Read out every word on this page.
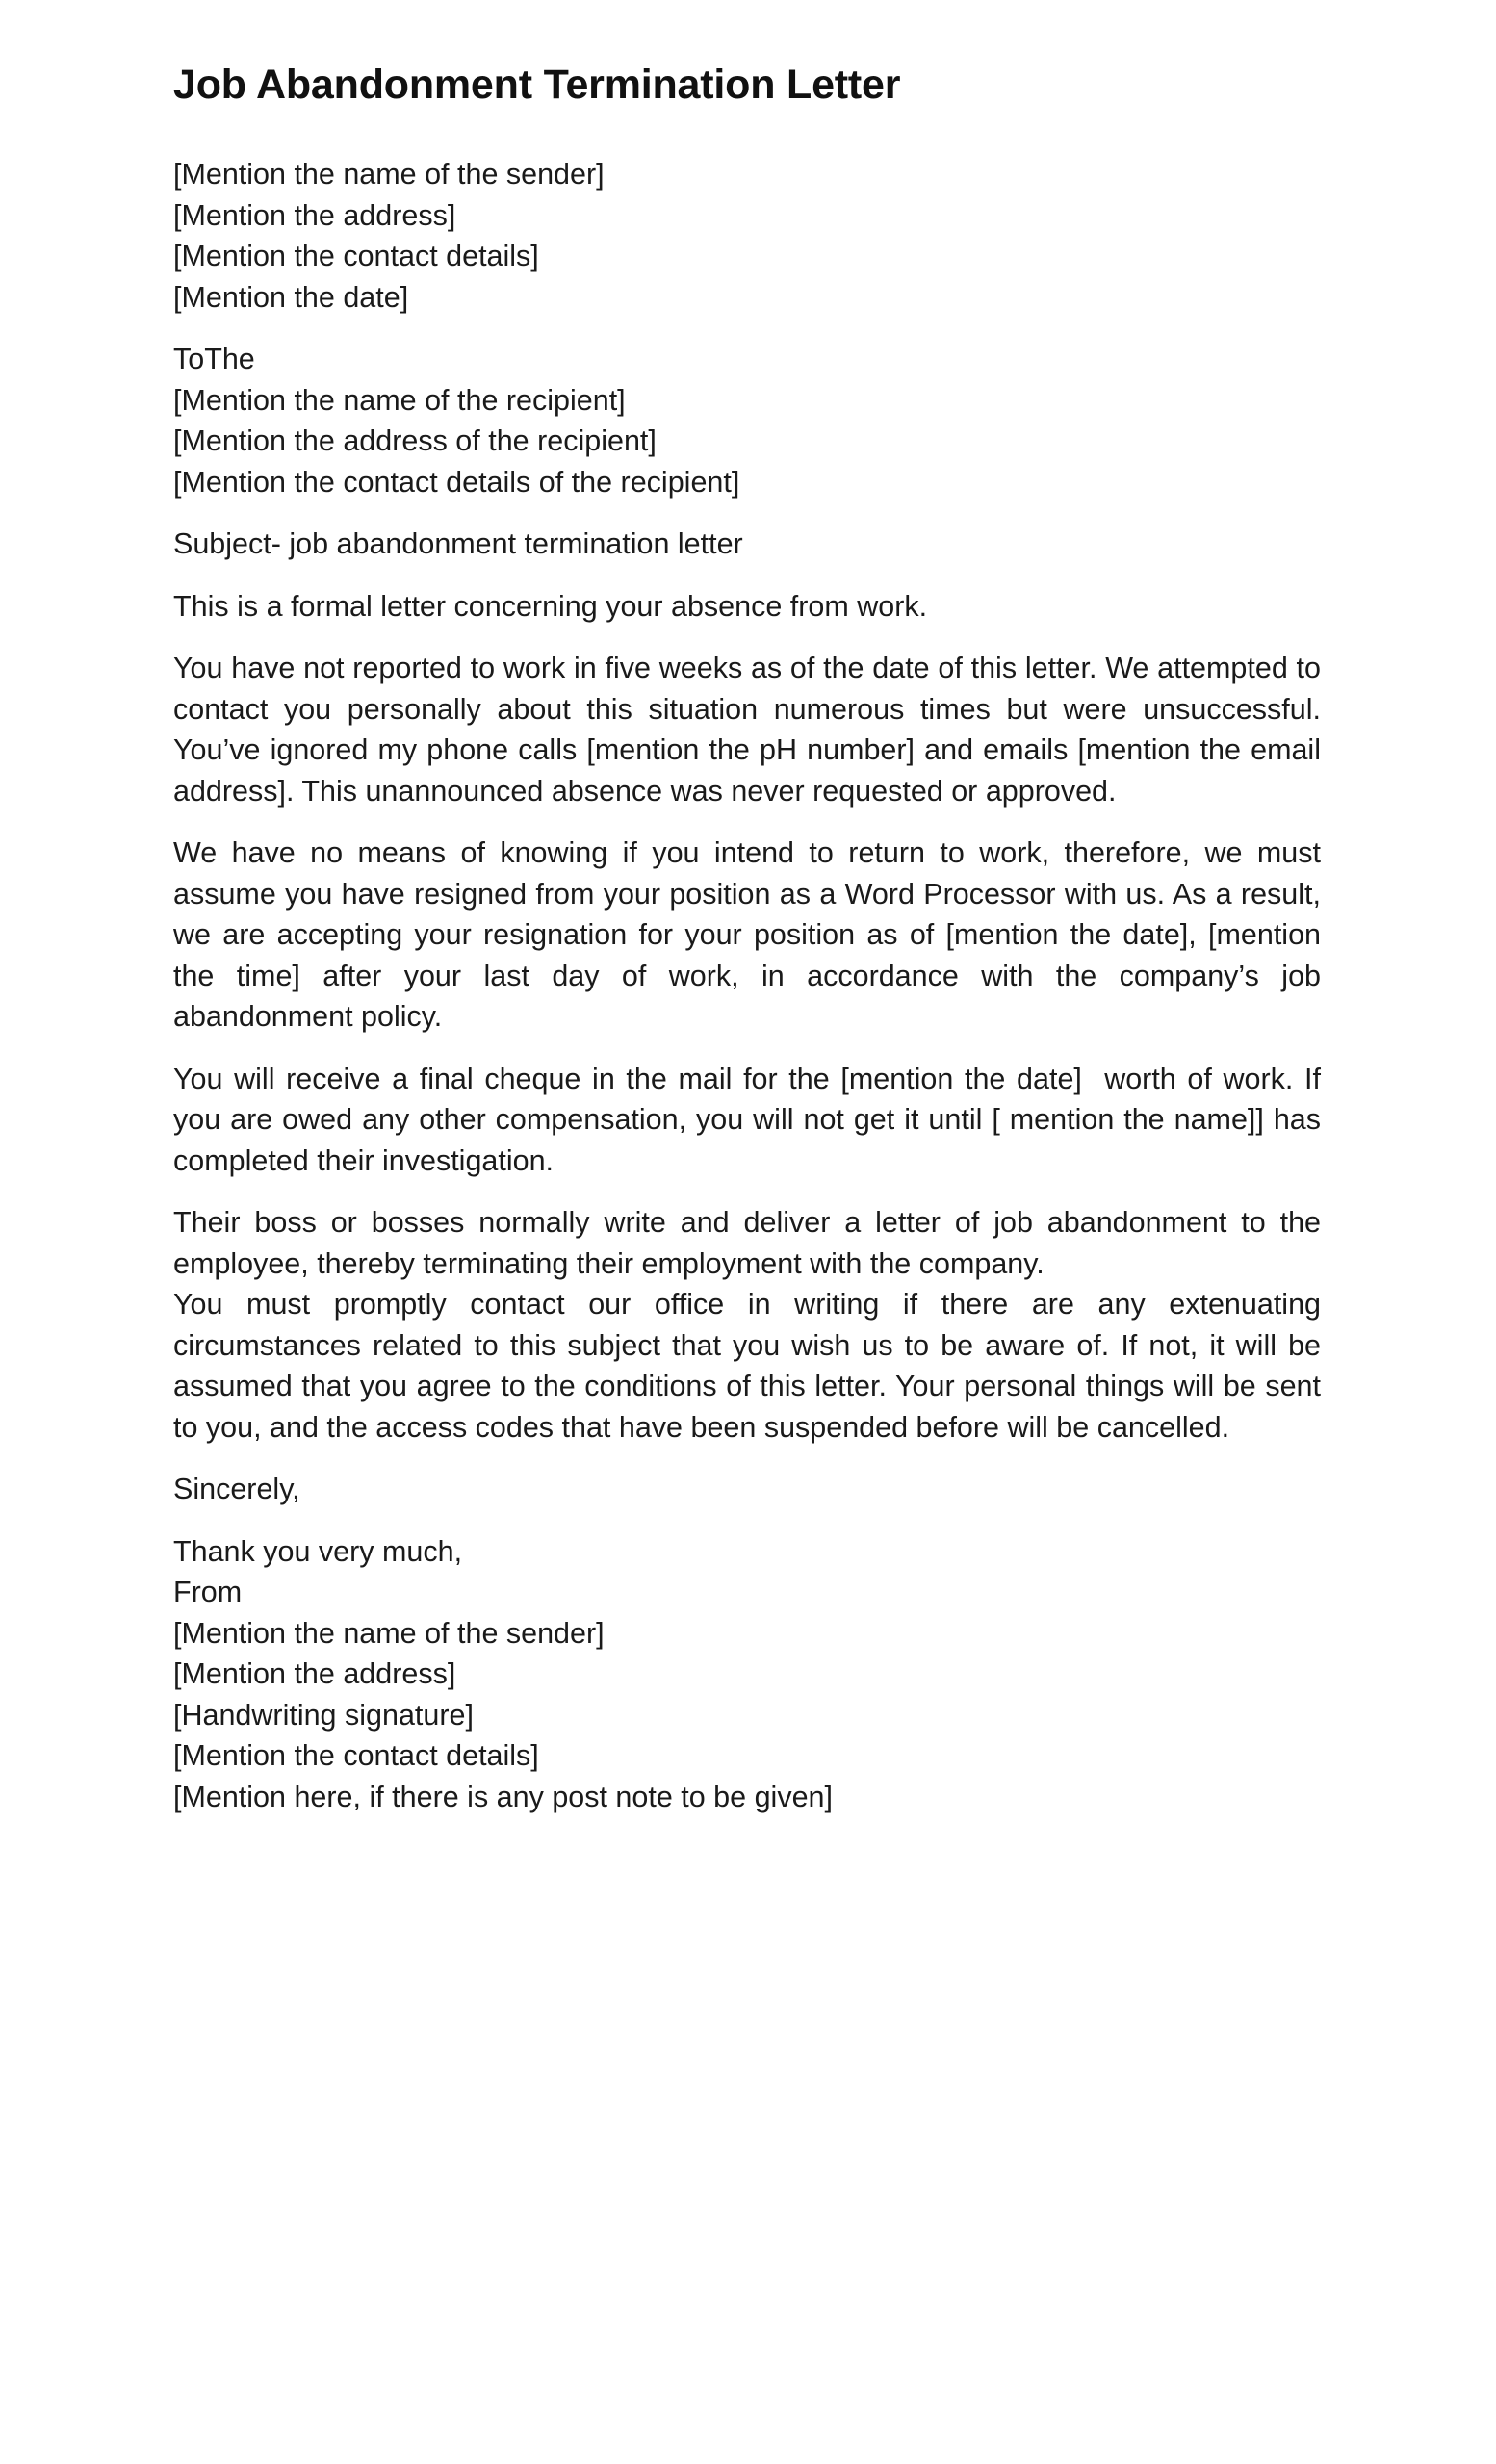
Job Abandonment Termination Letter
[Mention the name of the sender]
[Mention the address]
[Mention the contact details]
[Mention the date]
ToThe
[Mention the name of the recipient]
[Mention the address of the recipient]
[Mention the contact details of the recipient]
Subject- job abandonment termination letter
This is a formal letter concerning your absence from work.

You have not reported to work in five weeks as of the date of this letter. We attempted to contact you personally about this situation numerous times but were unsuccessful. You’ve ignored my phone calls [mention the pH number] and emails [mention the email address]. This unannounced absence was never requested or approved.

We have no means of knowing if you intend to return to work, therefore, we must assume you have resigned from your position as a Word Processor with us. As a result, we are accepting your resignation for your position as of [mention the date], [mention the time] after your last day of work, in accordance with the company’s job abandonment policy.

You will receive a final cheque in the mail for the [mention the date]  worth of work. If you are owed any other compensation, you will not get it until [ mention the name]] has completed their investigation.

Their boss or bosses normally write and deliver a letter of job abandonment to the employee, thereby terminating their employment with the company.

You must promptly contact our office in writing if there are any extenuating circumstances related to this subject that you wish us to be aware of. If not, it will be assumed that you agree to the conditions of this letter. Your personal things will be sent to you, and the access codes that have been suspended before will be cancelled.

Sincerely,
Thank you very much,
From
[Mention the name of the sender]
[Mention the address]
[Handwriting signature]
[Mention the contact details]
[Mention here, if there is any post note to be given]
